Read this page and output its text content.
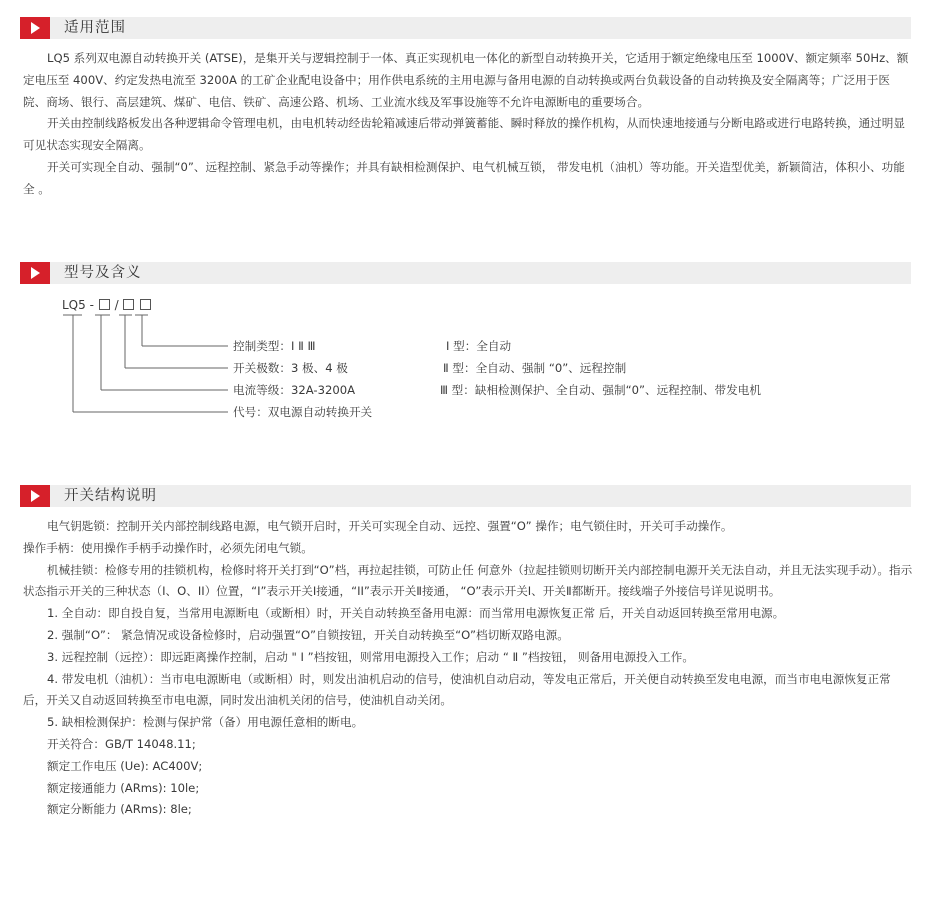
适用范围

LQ5 系列双电源自动转换开关 (ATSE)，是集开关与逻辑控制于一体、真正实现机电一体化的新型自动转换开关，它适用于额定绝缘电压至 1000V、额定频率 50Hz、额定电压至 400V、约定发热电流至 3200A 的工矿企业配电设备中；用作供电系统的主用电源与备用电源的自动转换或两台负载设备的自动转换及安全隔离等；广泛用于医院、商场、银行、高层建筑、煤矿、电信、铁矿、高速公路、机场、工业流水线及军事设施等不允许电源断电的重要场合。

开关由控制线路板发出各种逻辑命令管理电机，由电机转动经齿轮箱减速后带动弹簧蓄能、瞬时释放的操作机构，从而快速地接通与分断电路或进行电路转换，通过明显可见状态实现安全隔离。

开关可实现全自动、强制“0”、远程控制、紧急手动等操作；并具有缺相检测保护、电气机械互锁， 带发电机（油机）等功能。开关造型优美，新颖简洁，体积小、功能全 。

型号及含义
LQ5 - /
控制类型：Ⅰ Ⅱ Ⅲ
开关极数：3 极、4 极
电流等级：32A-3200A
代号：双电源自动转换开关
Ⅰ 型：全自动
Ⅱ 型：全自动、强制 “0”、远程控制
Ⅲ 型：缺相检测保护、全自动、强制“0”、远程控制、带发电机
开关结构说明

电气钥匙锁：控制开关内部控制线路电源，电气锁开启时，开关可实现全自动、远控、强置“O” 操作；电气锁住时，开关可手动操作。

操作手柄：使用操作手柄手动操作时，必须先闭电气锁。

机械挂锁：检修专用的挂锁机构，检修时将开关打到“O”档，再拉起挂锁，可防止任 何意外（拉起挂锁则切断开关内部控制电源开关无法自动，并且无法实现手动）。指示状态指示开关的三种状态（I、O、II）位置，“Ⅰ”表示开关Ⅰ接通，“II”表示开关Ⅱ接通， “O”表示开关Ⅰ、开关Ⅱ都断开。接线端子外接信号详见说明书。

1. 全自动：即自投自复，当常用电源断电（或断相）时，开关自动转换至备用电源：而当常用电源恢复正常 后，开关自动返回转换至常用电源。

2. 强制“O”： 紧急情况或设备检修时，启动强置“O”自锁按钮，开关自动转换至“O”档切断双路电源。

3. 远程控制（远控）：即远距离操作控制，启动 " Ⅰ ”档按钮，则常用电源投入工作；启动 “ Ⅱ ”档按钮， 则备用电源投入工作。

4. 带发电机（油机）：当市电电源断电（或断相）时，则发出油机启动的信号，使油机自动启动，等发电正常后，开关便自动转换至发电电源，而当市电电源恢复正常后，开关又自动返回转换至市电电源，同时发出油机关闭的信号，使油机自动关闭。

5. 缺相检测保护：检测与保护常（备）用电源任意相的断电。

开关符合：GB/T 14048.11;

额定工作电压 (Ue): AC400V;

额定接通能力 (ARms): 10le;

额定分断能力 (ARms): 8le;
